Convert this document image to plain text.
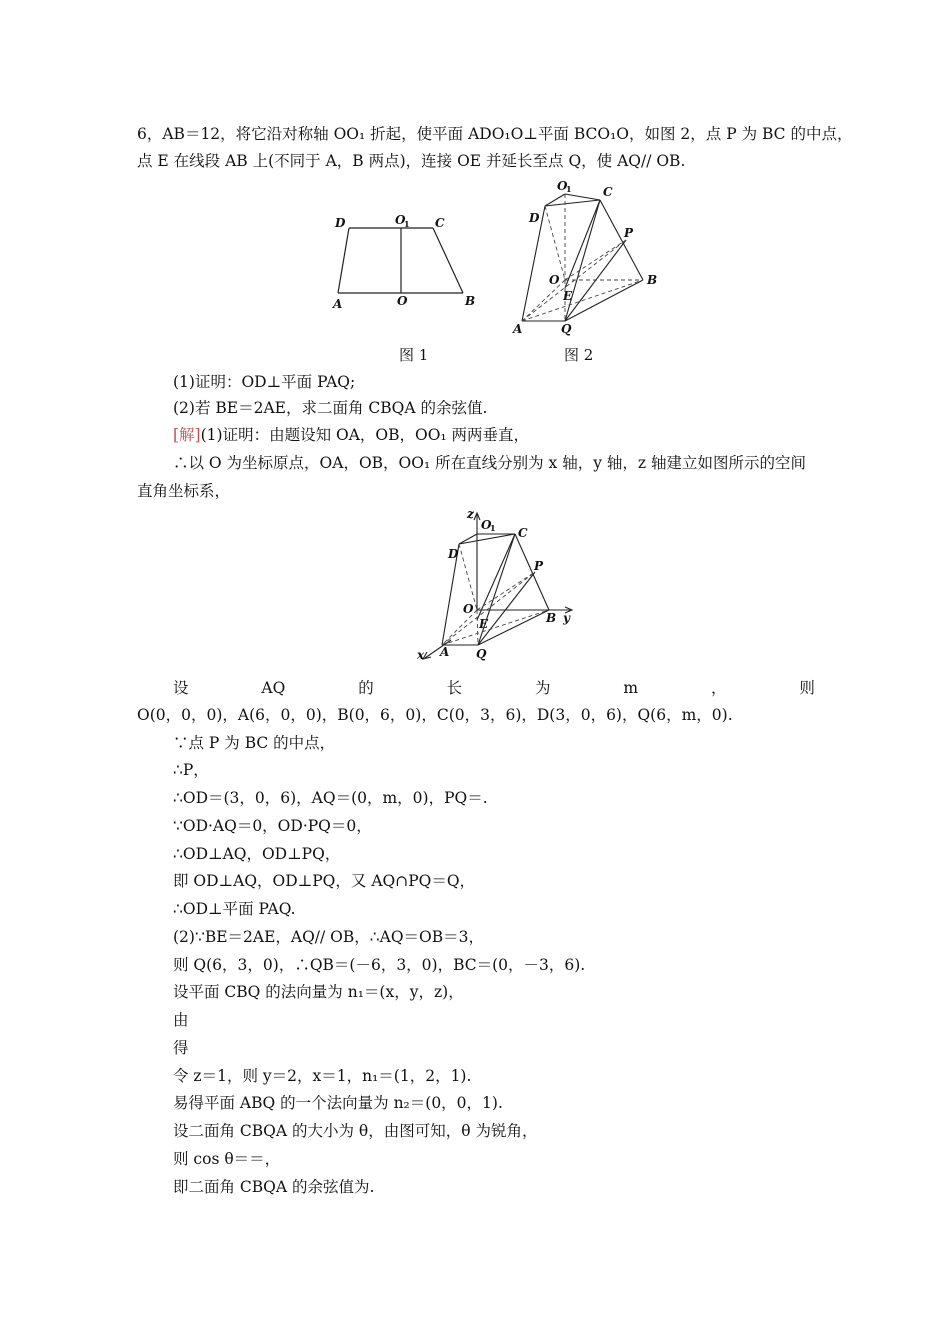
6，AB＝12，将它沿对称轴 OO₁ 折起，使平面 ADO₁O⊥平面 BCO₁O，如图 2，点 P 为 BC 的中点，
点 E 在线段 AB 上(不同于 A，B 两点)，连接 OE 并延长至点 Q，使 AQ// OB.
D	O
1 C
A	O	B
图 1
O
1	C
D
P
O
E
B
A	Q
图 2
(1)证明：OD⊥平面 PAQ;
(2)若 BE＝2AE，求二面角 CBQA 的余弦值.
[解](1)证明：由题设知 OA，OB，OO₁ 两两垂直，
∴以 O 为坐标原点，OA，OB，OO₁ 所在直线分别为 x 轴，y 轴，z 轴建立如图所示的空间
直角坐标系，
z
O
1 C
D
P
O
E	B y
x A Q
设	AQ	的	长	为	m	，	则
O(0，0，0)，A(6，0，0)，B(0，6，0)，C(0，3，6)，D(3，0，6)，Q(6，m，0).
∵点 P 为 BC 的中点，
∴P，
∴OD＝(3，0，6)，AQ＝(0，m，0)，PQ＝.
∵OD·AQ＝0，OD·PQ＝0，
∴OD⊥AQ，OD⊥PQ，
即 OD⊥AQ，OD⊥PQ，又 AQ∩PQ＝Q，
∴OD⊥平面 PAQ.
(2)∵BE＝2AE，AQ// OB，∴AQ＝OB＝3，
则 Q(6，3，0)，∴QB＝(－6，3，0)，BC＝(0，－3，6).
设平面 CBQ 的法向量为 n₁＝(x，y，z)，
由
得
令 z＝1，则 y＝2，x＝1，n₁＝(1，2，1).
易得平面 ABQ 的一个法向量为 n₂＝(0，0，1).
设二面角 CBQA 的大小为 θ，由图可知，θ 为锐角，
则 cos θ＝＝，
即二面角 CBQA 的余弦值为.
